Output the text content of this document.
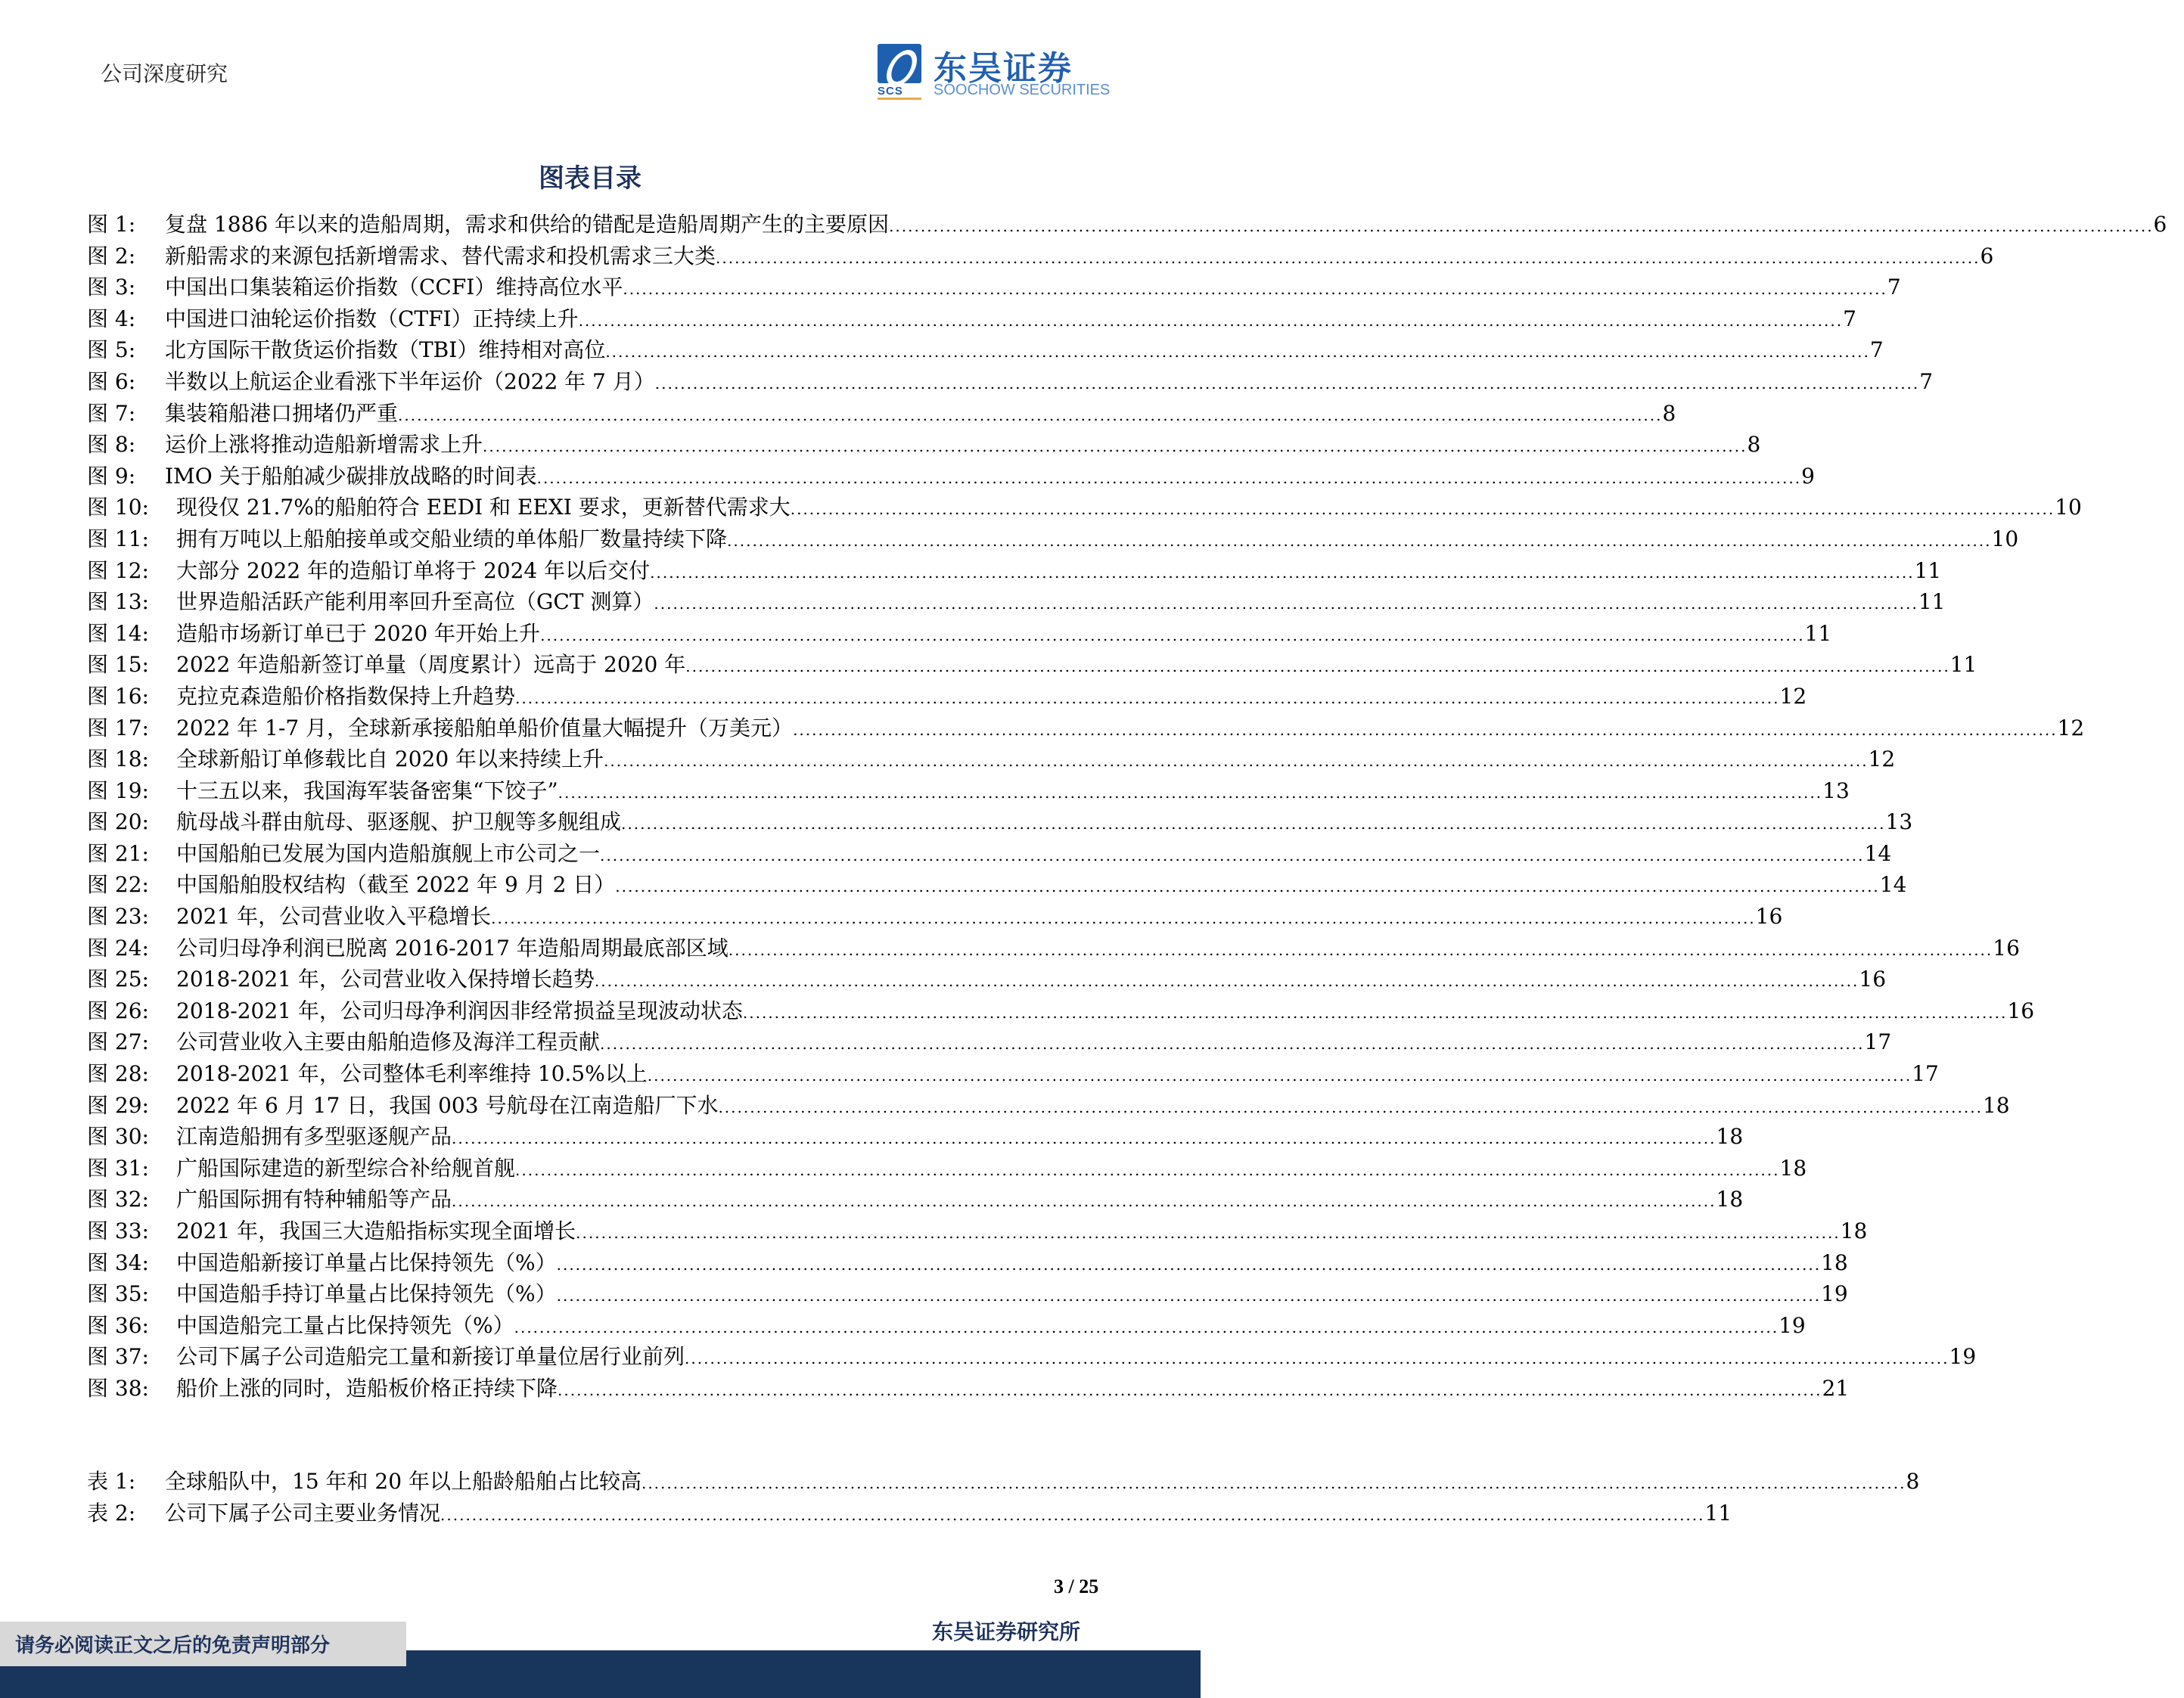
公司深度研究
SCS
东吴证券
SOOCHOW SECURITIES
图表目录
图 1:	复盘 1886 年以来的造船周期，需求和供给的错配是造船周期产生的主要原因 ........................................................................................................................................................................................................ 6
图 2:	新船需求的来源包括新增需求、替代需求和投机需求三大类 ........................................................................................................................................................................................................ 6
图 3:	中国出口集装箱运价指数（CCFI）维持高位水平 ........................................................................................................................................................................................................ 7
图 4:	中国进口油轮运价指数（CTFI）正持续上升 ........................................................................................................................................................................................................ 7
图 5:	北方国际干散货运价指数（TBI）维持相对高位 ........................................................................................................................................................................................................ 7
图 6:	半数以上航运企业看涨下半年运价（2022 年 7 月） ........................................................................................................................................................................................................ 7
图 7:	集装箱船港口拥堵仍严重 ........................................................................................................................................................................................................ 8
图 8:	运价上涨将推动造船新增需求上升 ........................................................................................................................................................................................................ 8
图 9:	IMO 关于船舶减少碳排放战略的时间表 ........................................................................................................................................................................................................ 9
图 10:	现役仅 21.7%的船舶符合 EEDI 和 EEXI 要求，更新替代需求大 ........................................................................................................................................................................................................ 10
图 11:	拥有万吨以上船舶接单或交船业绩的单体船厂数量持续下降 ........................................................................................................................................................................................................ 10
图 12:	大部分 2022 年的造船订单将于 2024 年以后交付 ........................................................................................................................................................................................................ 11
图 13:	世界造船活跃产能利用率回升至高位（GCT 测算） ........................................................................................................................................................................................................ 11
图 14:	造船市场新订单已于 2020 年开始上升 ........................................................................................................................................................................................................ 11
图 15:	2022 年造船新签订单量（周度累计）远高于 2020 年 ........................................................................................................................................................................................................ 11
图 16:	克拉克森造船价格指数保持上升趋势 ........................................................................................................................................................................................................ 12
图 17:	2022 年 1-7 月，全球新承接船舶单船价值量大幅提升（万美元） ........................................................................................................................................................................................................ 12
图 18:	全球新船订单修载比自 2020 年以来持续上升 ........................................................................................................................................................................................................ 12
图 19:	十三五以来，我国海军装备密集“下饺子” ........................................................................................................................................................................................................ 13
图 20:	航母战斗群由航母、驱逐舰、护卫舰等多舰组成 ........................................................................................................................................................................................................ 13
图 21:	中国船舶已发展为国内造船旗舰上市公司之一 ........................................................................................................................................................................................................ 14
图 22:	中国船舶股权结构（截至 2022 年 9 月 2 日） ........................................................................................................................................................................................................ 14
图 23:	2021 年，公司营业收入平稳增长 ........................................................................................................................................................................................................ 16
图 24:	公司归母净利润已脱离 2016-2017 年造船周期最底部区域 ........................................................................................................................................................................................................ 16
图 25:	2018-2021 年，公司营业收入保持增长趋势 ........................................................................................................................................................................................................ 16
图 26:	2018-2021 年，公司归母净利润因非经常损益呈现波动状态 ........................................................................................................................................................................................................ 16
图 27:	公司营业收入主要由船舶造修及海洋工程贡献 ........................................................................................................................................................................................................ 17
图 28:	2018-2021 年，公司整体毛利率维持 10.5%以上 ........................................................................................................................................................................................................ 17
图 29:	2022 年 6 月 17 日，我国 003 号航母在江南造船厂下水 ........................................................................................................................................................................................................ 18
图 30:	江南造船拥有多型驱逐舰产品 ........................................................................................................................................................................................................ 18
图 31:	广船国际建造的新型综合补给舰首舰 ........................................................................................................................................................................................................ 18
图 32:	广船国际拥有特种辅船等产品 ........................................................................................................................................................................................................ 18
图 33:	2021 年，我国三大造船指标实现全面增长 ........................................................................................................................................................................................................ 18
图 34:	中国造船新接订单量占比保持领先（%） ........................................................................................................................................................................................................ 18
图 35:	中国造船手持订单量占比保持领先（%） ........................................................................................................................................................................................................ 19
图 36:	中国造船完工量占比保持领先（%） ........................................................................................................................................................................................................ 19
图 37:	公司下属子公司造船完工量和新接订单量位居行业前列 ........................................................................................................................................................................................................ 19
图 38:	船价上涨的同时，造船板价格正持续下降 ........................................................................................................................................................................................................ 21
表 1:	全球船队中，15 年和 20 年以上船龄船舶占比较高 ........................................................................................................................................................................................................ 8
表 2:	公司下属子公司主要业务情况 ........................................................................................................................................................................................................ 11
3 / 25
东吴证券研究所
请务必阅读正文之后的免责声明部分
